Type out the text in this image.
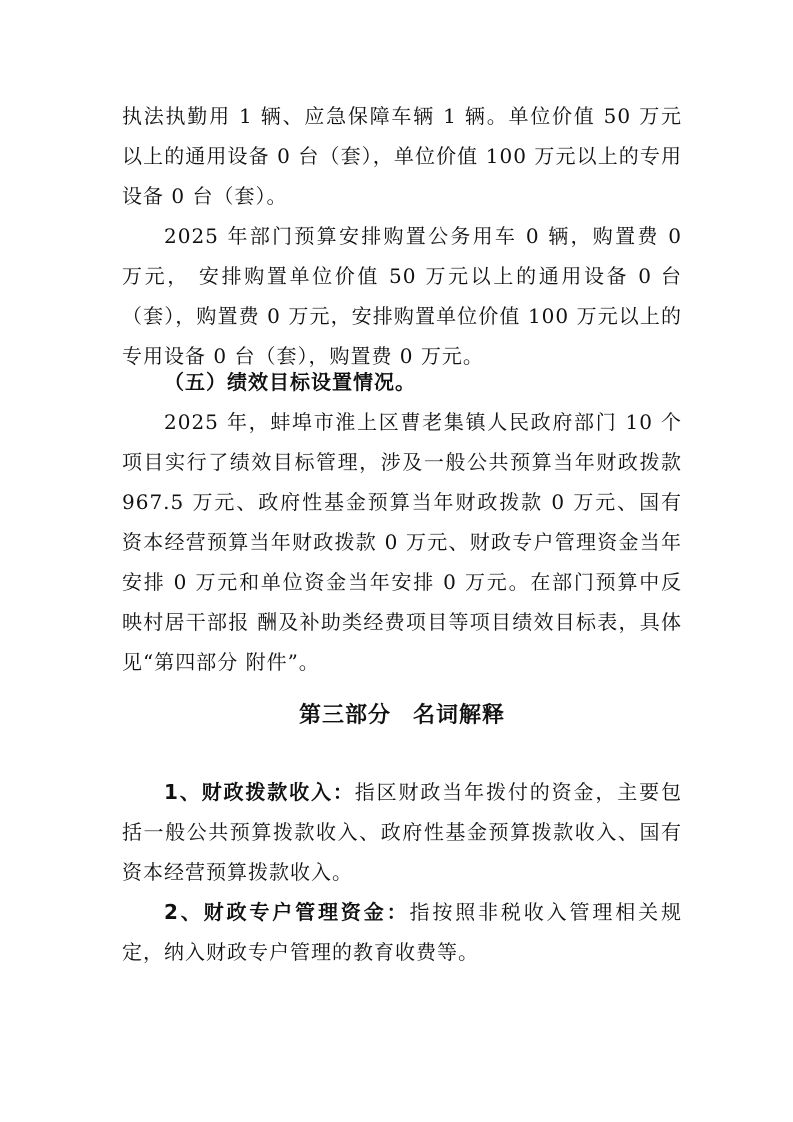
执法执勤用 1 辆、应急保障车辆 1 辆。单位价值 50 万元以上的通用设备 0 台（套），单位价值 100 万元以上的专用设备 0 台（套）。

2025 年部门预算安排购置公务用车 0 辆，购置费 0 万元， 安排购置单位价值 50 万元以上的通用设备 0 台（套），购置费 0 万元，安排购置单位价值 100 万元以上的专用设备 0 台（套），购置费 0 万元。

（五）绩效目标设置情况。

2025 年，蚌埠市淮上区曹老集镇人民政府部门 10 个项目实行了绩效目标管理，涉及一般公共预算当年财政拨款 967.5 万元、政府性基金预算当年财政拨款 0 万元、国有资本经营预算当年财政拨款 0 万元、财政专户管理资金当年安排 0 万元和单位资金当年安排 0 万元。在部门预算中反映村居干部报 酬及补助类经费项目等项目绩效目标表，具体见“第四部分 附件”。

第三部分 名词解释

1、财政拨款收入：指区财政当年拨付的资金，主要包括一般公共预算拨款收入、政府性基金预算拨款收入、国有资本经营预算拨款收入。

2、财政专户管理资金：指按照非税收入管理相关规定，纳入财政专户管理的教育收费等。
